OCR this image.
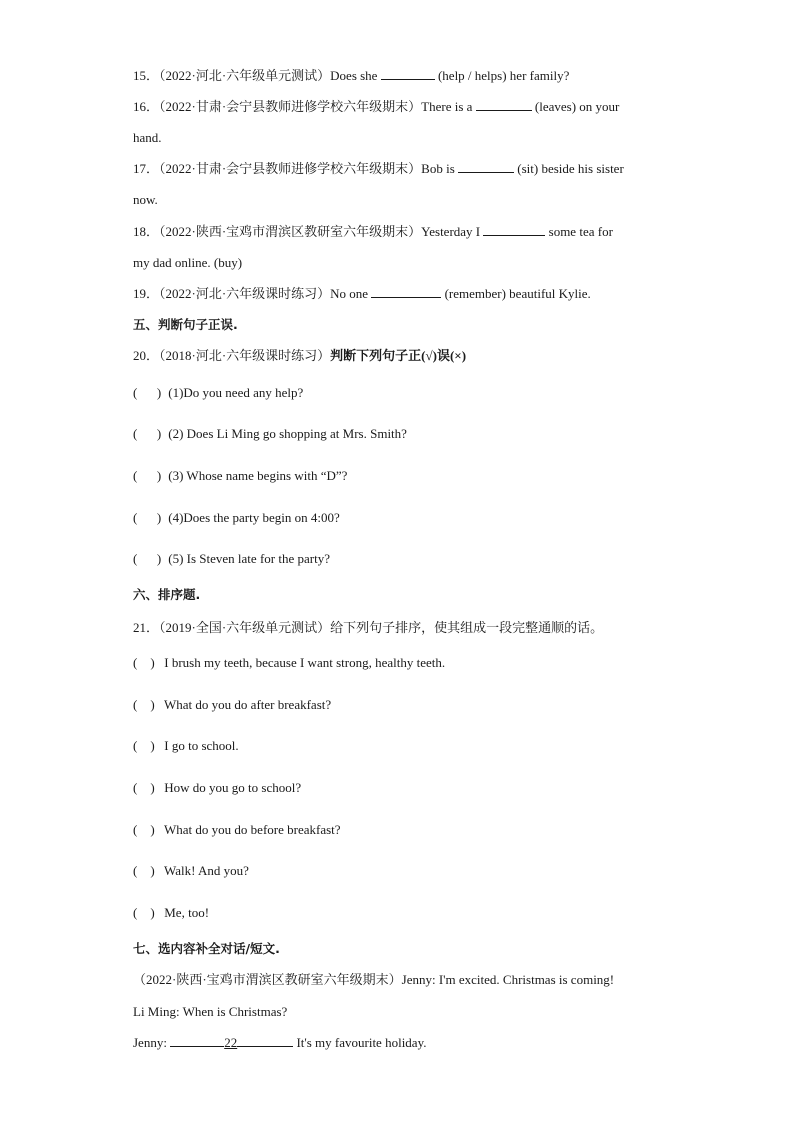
15．（2022·河北·六年级单元测试）Does she	(help / helps) her family?
16．（2022·甘肃·会宁县教师进修学校六年级期末）There is a	(leaves) on your
hand.
17．（2022·甘肃·会宁县教师进修学校六年级期末）Bob is	(sit) beside his sister
now.
18．（2022·陕西·宝鸡市渭滨区教研室六年级期末）Yesterday I	some tea for
my dad online. (buy)
19．（2022·河北·六年级课时练习）No one	(remember) beautiful Kylie.
五、判断句子正误.
20．（2018·河北·六年级课时练习）判断下列句子正(√)误(×)
(      ) (1)Do you need any help?
(      ) (2) Does Li Ming go shopping at Mrs. Smith?
(      ) (3) Whose name begins with “D”?
(      ) (4)Does the party begin on 4:00?
(      ) (5) Is Steven late for the party?
六、排序题.
21．（2019·全国·六年级单元测试）给下列句子排序，使其组成一段完整通顺的话。
(    ) I brush my teeth, because I want strong, healthy teeth.
(    ) What do you do after breakfast?
(    ) I go to school.
(    ) How do you go to school?
(    ) What do you do before breakfast?
(    ) Walk! And you?
(    ) Me, too!
七、选内容补全对话/短文.
（2022·陕西·宝鸡市渭滨区教研室六年级期末）Jenny: I'm excited. Christmas is coming!
Li Ming: When is Christmas?
Jenny:	22	It's my favourite holiday.
